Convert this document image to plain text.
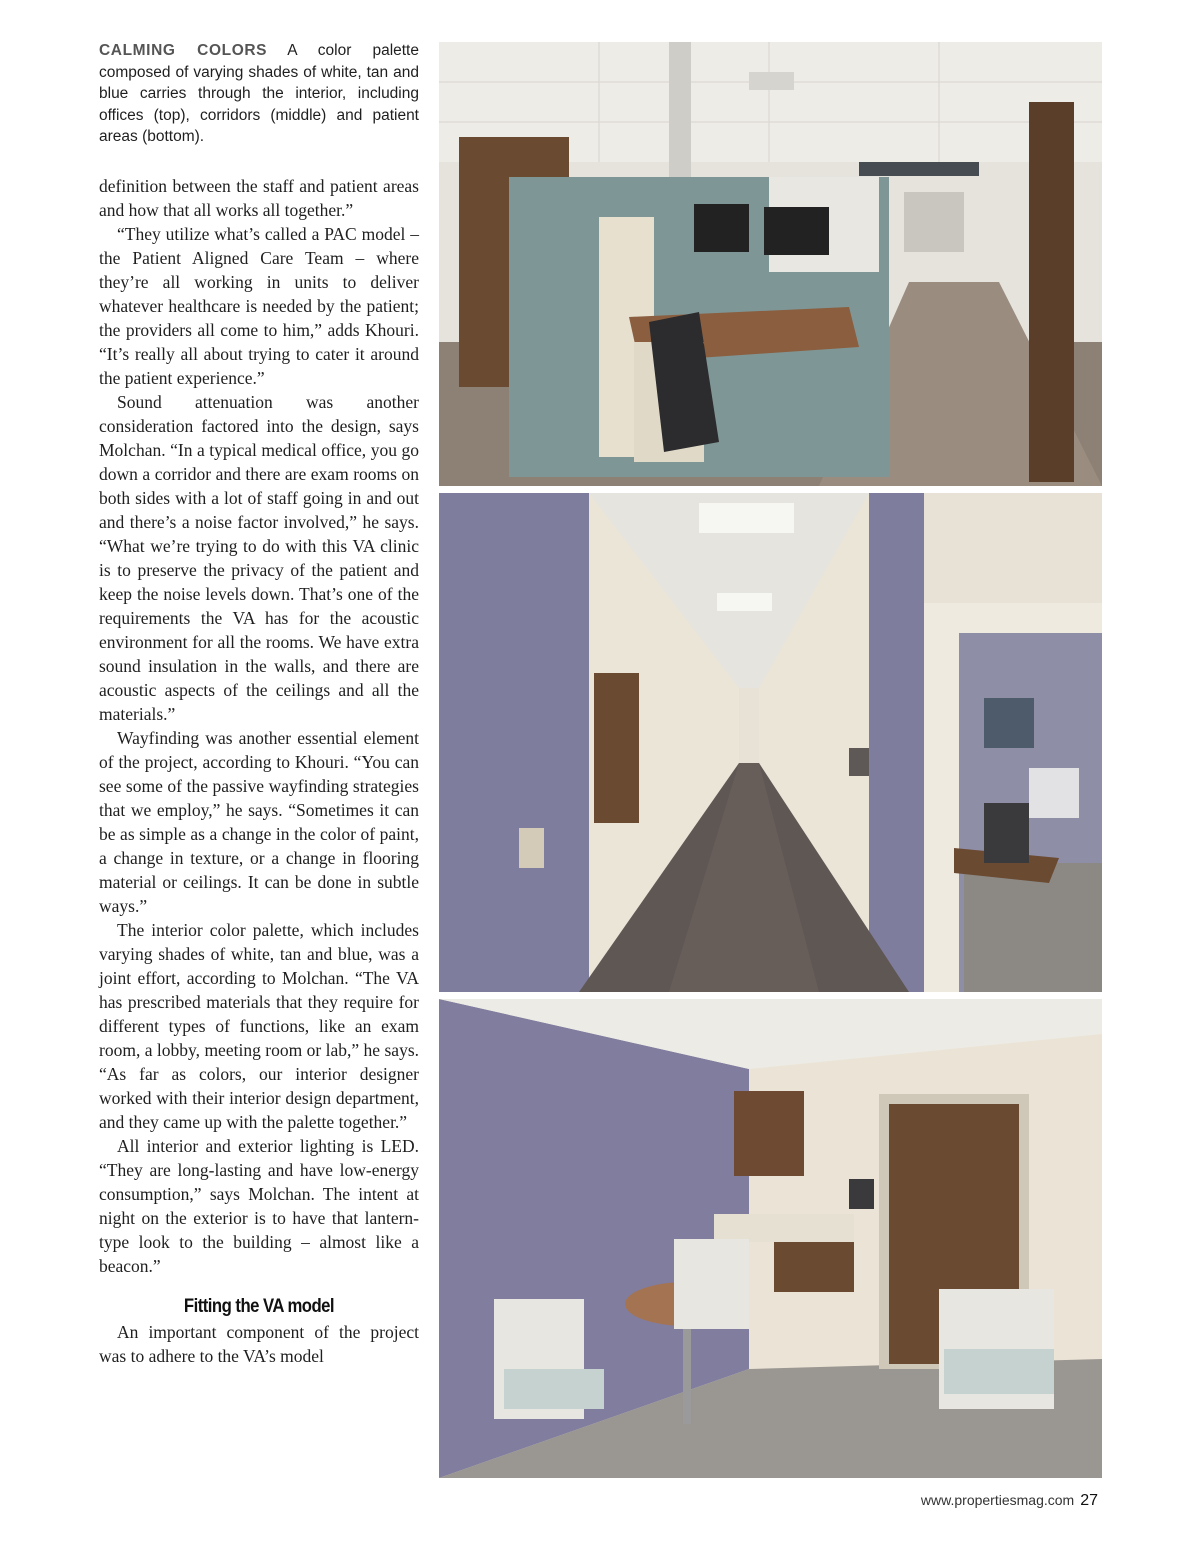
CALMING COLORS A color palette composed of varying shades of white, tan and blue carries through the interior, including offices (top), corridors (middle) and patient areas (bottom).

definition between the staff and patient areas and how that all works all together.”

“They utilize what’s called a PAC model – the Patient Aligned Care Team – where they’re all working in units to deliver whatever healthcare is needed by the patient; the providers all come to him,” adds Khouri. “It’s really all about trying to cater it around the patient experience.”

Sound attenuation was another consideration factored into the design, says Molchan. “In a typical medical office, you go down a corridor and there are exam rooms on both sides with a lot of staff going in and out and there’s a noise factor involved,” he says. “What we’re trying to do with this VA clinic is to preserve the privacy of the patient and keep the noise levels down. That’s one of the requirements the VA has for the acoustic environment for all the rooms. We have extra sound insulation in the walls, and there are acoustic aspects of the ceilings and all the materials.”

Wayfinding was another essential element of the project, according to Khouri. “You can see some of the passive wayfinding strategies that we employ,” he says. “Sometimes it can be as simple as a change in the color of paint, a change in texture, or a change in flooring material or ceilings. It can be done in subtle ways.”

The interior color palette, which includes varying shades of white, tan and blue, was a joint effort, according to Molchan. “The VA has prescribed materials that they require for different types of functions, like an exam room, a lobby, meeting room or lab,” he says. “As far as colors, our interior designer worked with their interior design department, and they came up with the palette together.”

All interior and exterior lighting is LED. “They are long-lasting and have low-energy consumption,” says Molchan. The intent at night on the exterior is to have that lantern-type look to the building – almost like a beacon.”

Fitting the VA model

An important component of the project was to adhere to the VA’s model

www.propertiesmag.com 27
